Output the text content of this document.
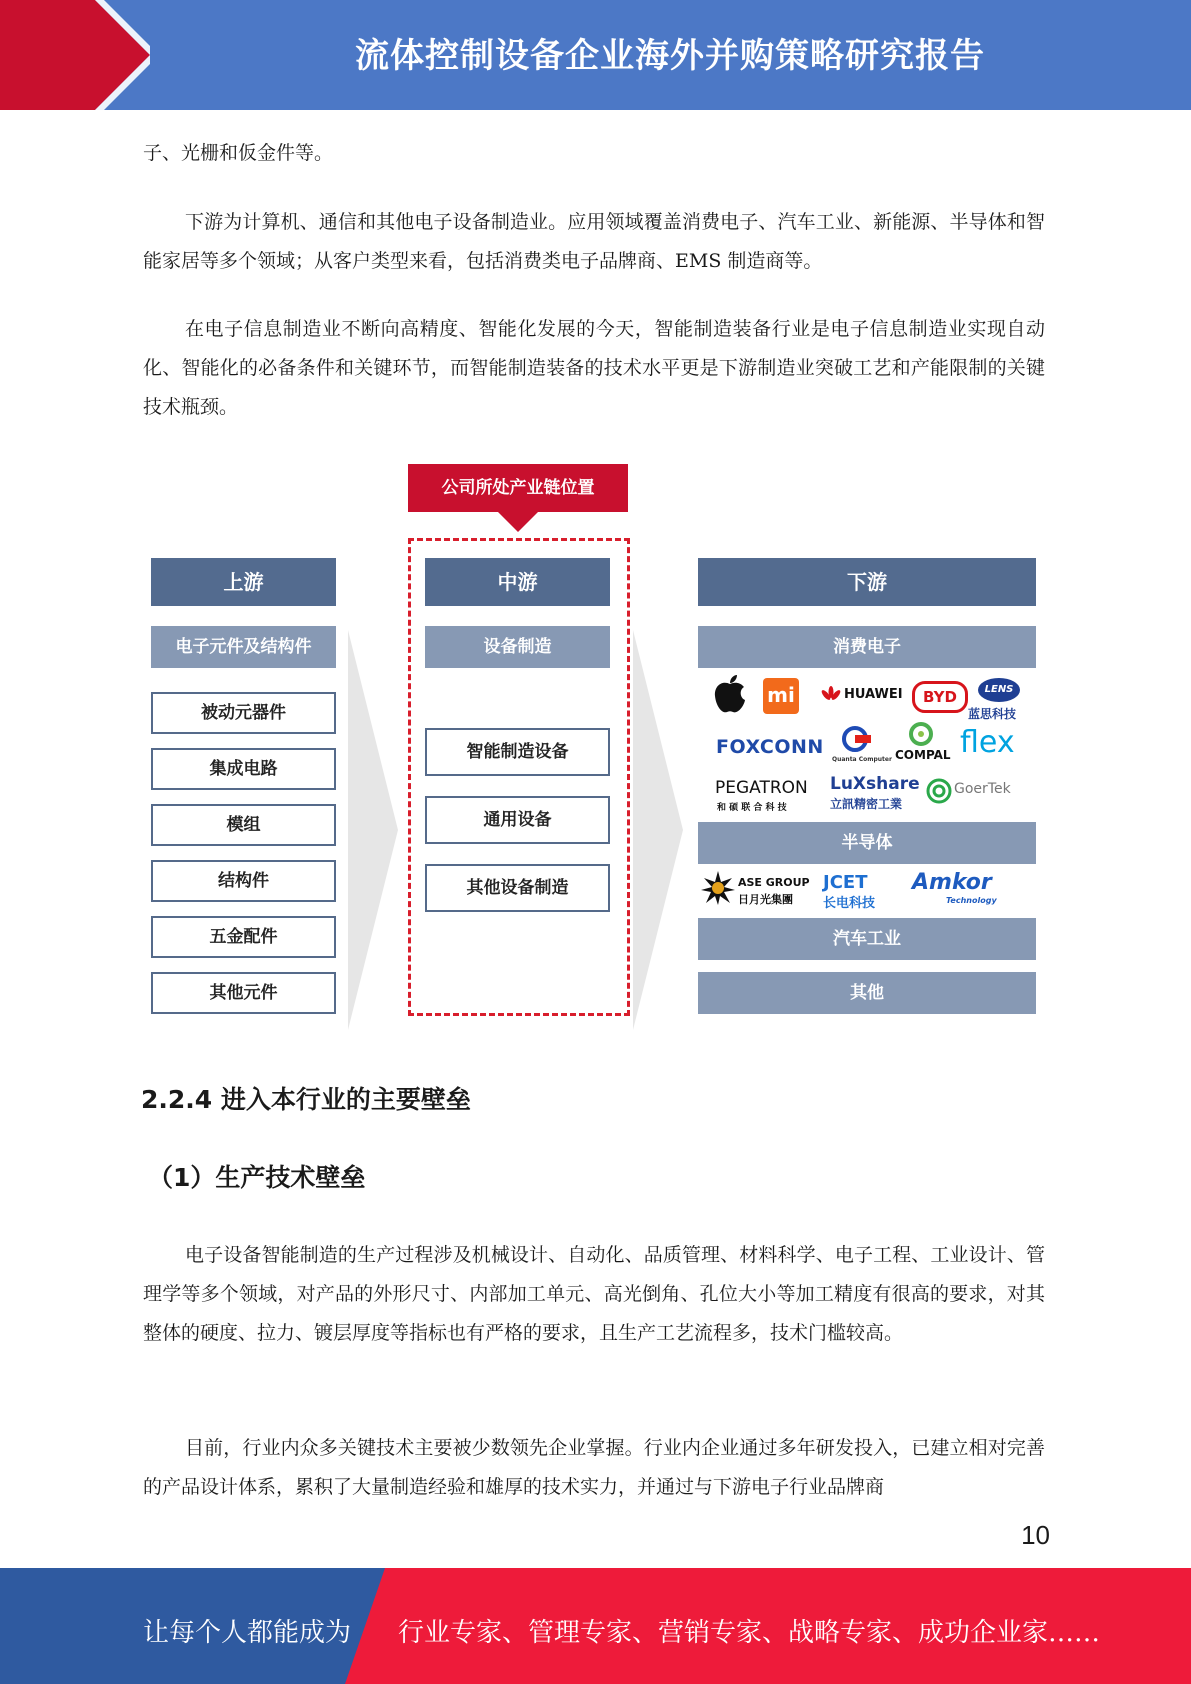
流体控制设备企业海外并购策略研究报告

子、光栅和仮金件等。

下游为计算机、通信和其他电子设备制造业。应用领域覆盖消费电子、汽车工业、新能源、半导体和智能家居等多个领域；从客户类型来看，包括消费类电子品牌商、EMS 制造商等。

在电子信息制造业不断向高精度、智能化发展的今天，智能制造装备行业是电子信息制造业实现自动化、智能化的必备条件和关键环节，而智能制造装备的技术水平更是下游制造业突破工艺和产能限制的关键技术瓶颈。

公司所处产业链位置
上游
电子元件及结构件
被动元器件
集成电路
模组
结构件
五金配件
其他元件
中游
设备制造
智能制造设备
通用设备
其他设备制造
下游
消费电子
mi	HUAWEI	BYD	LENS
蓝思科技
FOXCONN
Quanta Computer COMPAL flex
PEGATRON
和 硕 联 合 科 技
LuXshare
立訊精密工業
GoerTek
半导体
ASE GROUP
日月光集團
JCET
长电科技
Amkor
Technology
汽车工业
其他
2.2.4 进入本行业的主要壁垒
（1）生产技术壁垒

电子设备智能制造的生产过程涉及机械设计、自动化、品质管理、材料科学、电子工程、工业设计、管理学等多个领域，对产品的外形尺寸、内部加工单元、高光倒角、孔位大小等加工精度有很高的要求，对其整体的硬度、拉力、镀层厚度等指标也有严格的要求，且生产工艺流程多，技术门槛较高。

目前，行业内众多关键技术主要被少数领先企业掌握。行业内企业通过多年研发投入，已建立相对完善的产品设计体系，累积了大量制造经验和雄厚的技术实力，并通过与下游电子行业品牌商

10
让每个人都能成为 行业专家、管理专家、营销专家、战略专家、成功企业家……
